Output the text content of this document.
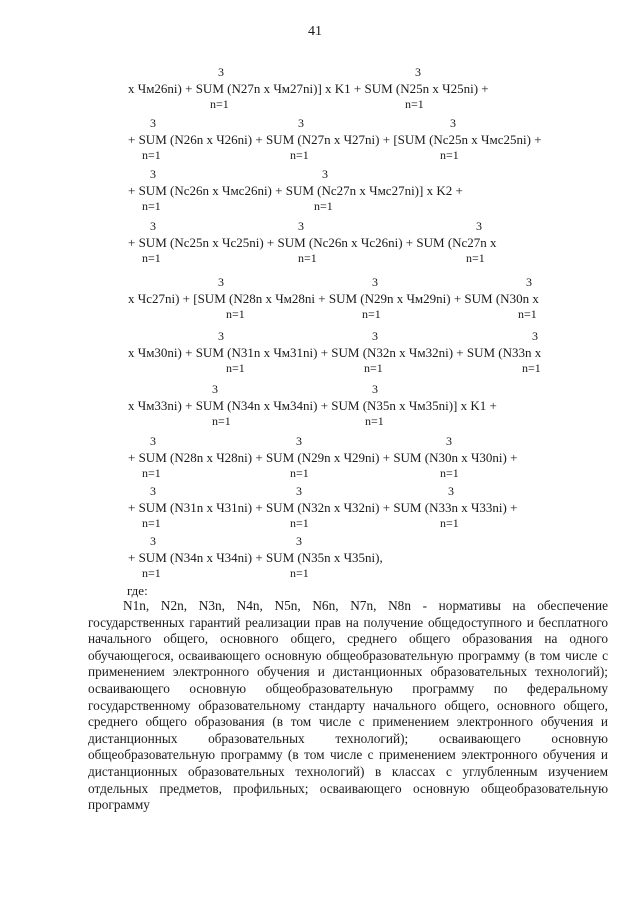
41
где:

N1n, N2n, N3n, N4n, N5n, N6n, N7n, N8n - нормативы на обеспечение государственных гарантий реализации прав на получение общедоступного и бесплатного начального общего, основного общего, среднего общего образования на одного обучающегося, осваивающего основную общеобразовательную программу (в том числе с применением электронного обучения и дистанционных образовательных технологий); осваивающего основную общеобразовательную программу по федеральному государственному образовательному стандарту начального общего, основного общего, среднего общего образования (в том числе с применением электронного обучения и дистанционных образовательных технологий); осваивающего основную общеобразовательную программу (в том числе с применением электронного обучения и дистанционных образовательных технологий) в классах с углубленным изучением отдельных предметов, профильных; осваивающего основную общеобразовательную программу

x Чм26ni) + SUM (N27n x Чм27ni)] x K1 + SUM (N25n x Ч25ni) +
3	3
n=1	n=1
+ SUM (N26n x Ч26ni) + SUM (N27n x Ч27ni) + [SUM (Nс25n x Чмс25ni) +
3	3	3
n=1	n=1	n=1
+ SUM (Nс26n x Чмс26ni) + SUM (Nс27n x Чмс27ni)] x K2 +
3	3
n=1	n=1
+ SUM (Nс25n x Чс25ni) + SUM (Nс26n x Чс26ni) + SUM (Nс27n x
3	3	3
n=1	n=1	n=1
x Чс27ni) + [SUM (N28n x Чм28ni + SUM (N29n x Чм29ni) + SUM (N30n x
3	3	3
n=1	n=1	n=1
x Чм30ni) + SUM (N31n x Чм31ni) + SUM (N32n x Чм32ni) + SUM (N33n x
3	3	3
n=1	n=1	n=1
x Чм33ni) + SUM (N34n x Чм34ni) + SUM (N35n x Чм35ni)] x K1 +
3	3
n=1	n=1
+ SUM (N28n x Ч28ni) + SUM (N29n x Ч29ni) + SUM (N30n x Ч30ni) +
3	3	3
n=1	n=1	n=1
+ SUM (N31n x Ч31ni) + SUM (N32n x Ч32ni) + SUM (N33n x Ч33ni) +
3	3	3
n=1	n=1	n=1
+ SUM (N34n x Ч34ni) + SUM (N35n x Ч35ni),
3	3
n=1	n=1
